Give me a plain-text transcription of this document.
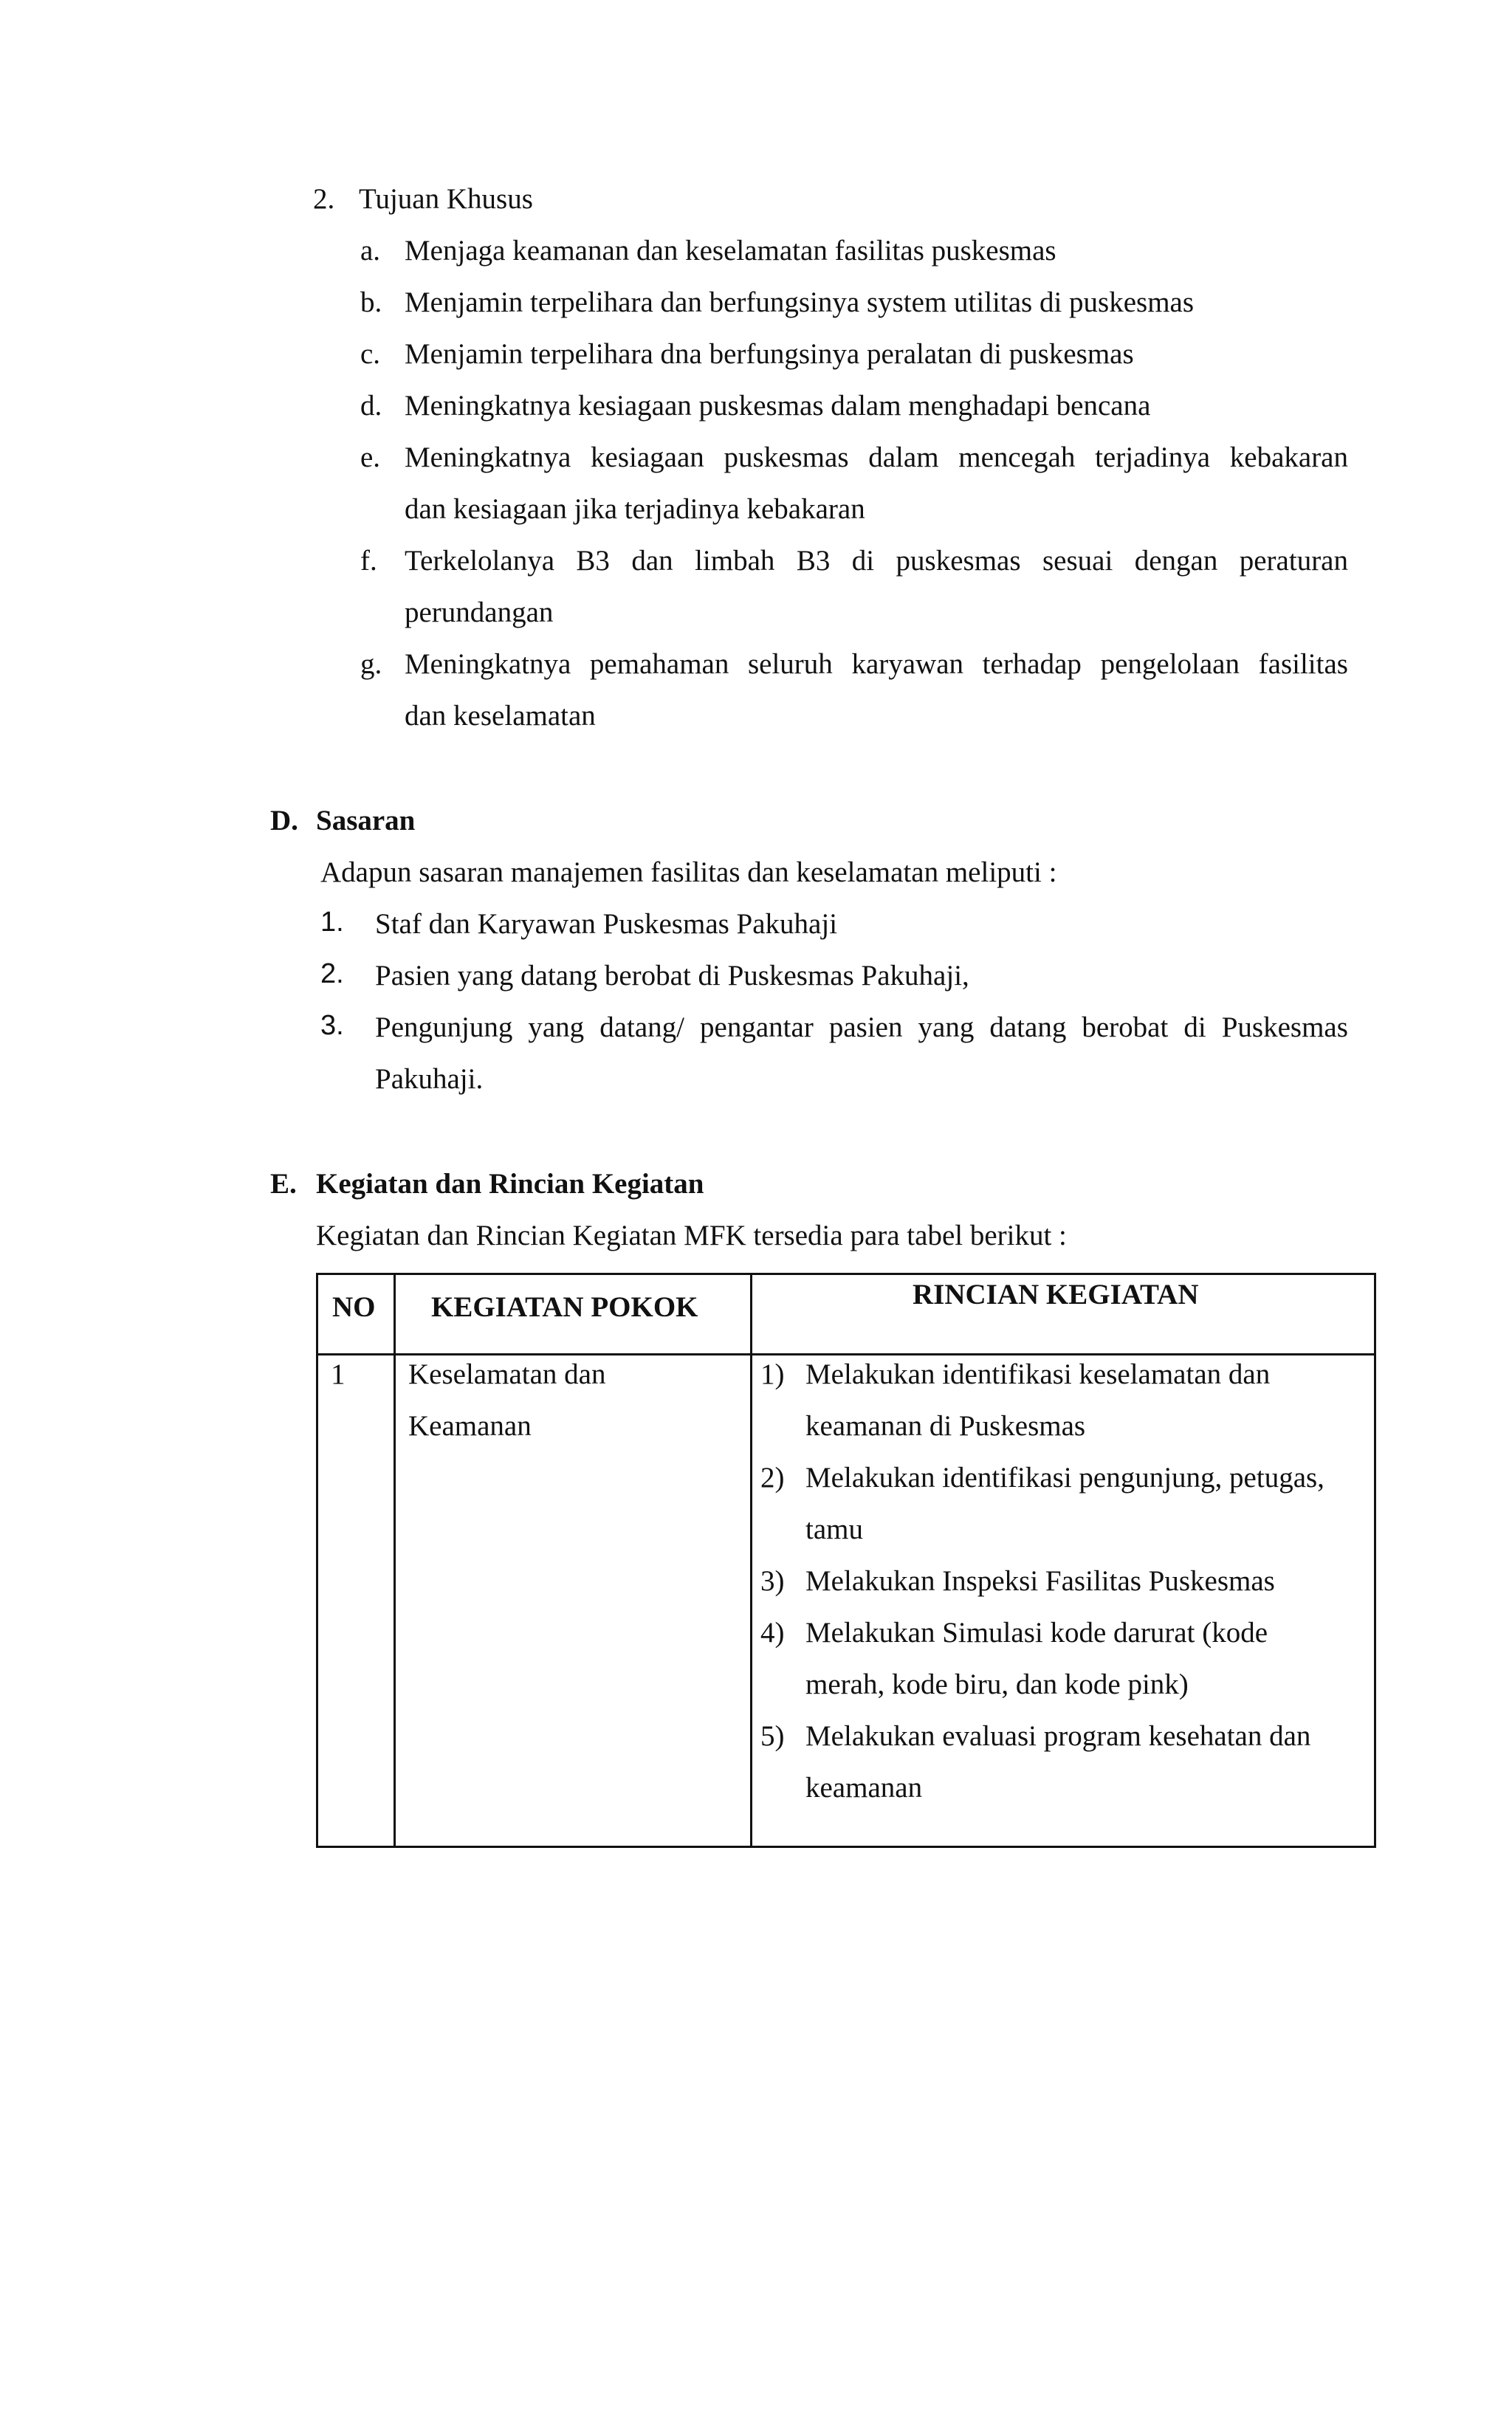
2. Tujuan Khusus
a. Menjaga keamanan dan keselamatan fasilitas puskesmas
b. Menjamin terpelihara dan berfungsinya system utilitas di puskesmas
c. Menjamin terpelihara dna berfungsinya peralatan di puskesmas
d. Meningkatnya kesiagaan puskesmas dalam menghadapi bencana
e. Meningkatnya kesiagaan puskesmas dalam mencegah terjadinya kebakaran
dan kesiagaan jika terjadinya kebakaran
f. Terkelolanya B3 dan limbah B3 di puskesmas sesuai dengan peraturan
perundangan
g. Meningkatnya pemahaman seluruh karyawan terhadap pengelolaan fasilitas
dan keselamatan
D. Sasaran
Adapun sasaran manajemen fasilitas dan keselamatan meliputi :
1. Staf dan Karyawan Puskesmas Pakuhaji
2. Pasien yang datang berobat di Puskesmas Pakuhaji,
3. Pengunjung yang datang/ pengantar pasien yang datang berobat di Puskesmas
Pakuhaji.
E. Kegiatan dan Rincian Kegiatan
Kegiatan dan Rincian Kegiatan MFK tersedia para tabel berikut :
NO KEGIATAN POKOK	RINCIAN KEGIATAN
1 Keselamatan dan
Keamanan
1) Melakukan identifikasi keselamatan dan
keamanan di Puskesmas
2) Melakukan identifikasi pengunjung, petugas,
tamu
3) Melakukan Inspeksi Fasilitas Puskesmas
4) Melakukan Simulasi kode darurat (kode
merah, kode biru, dan kode pink)
5) Melakukan evaluasi program kesehatan dan
keamanan
